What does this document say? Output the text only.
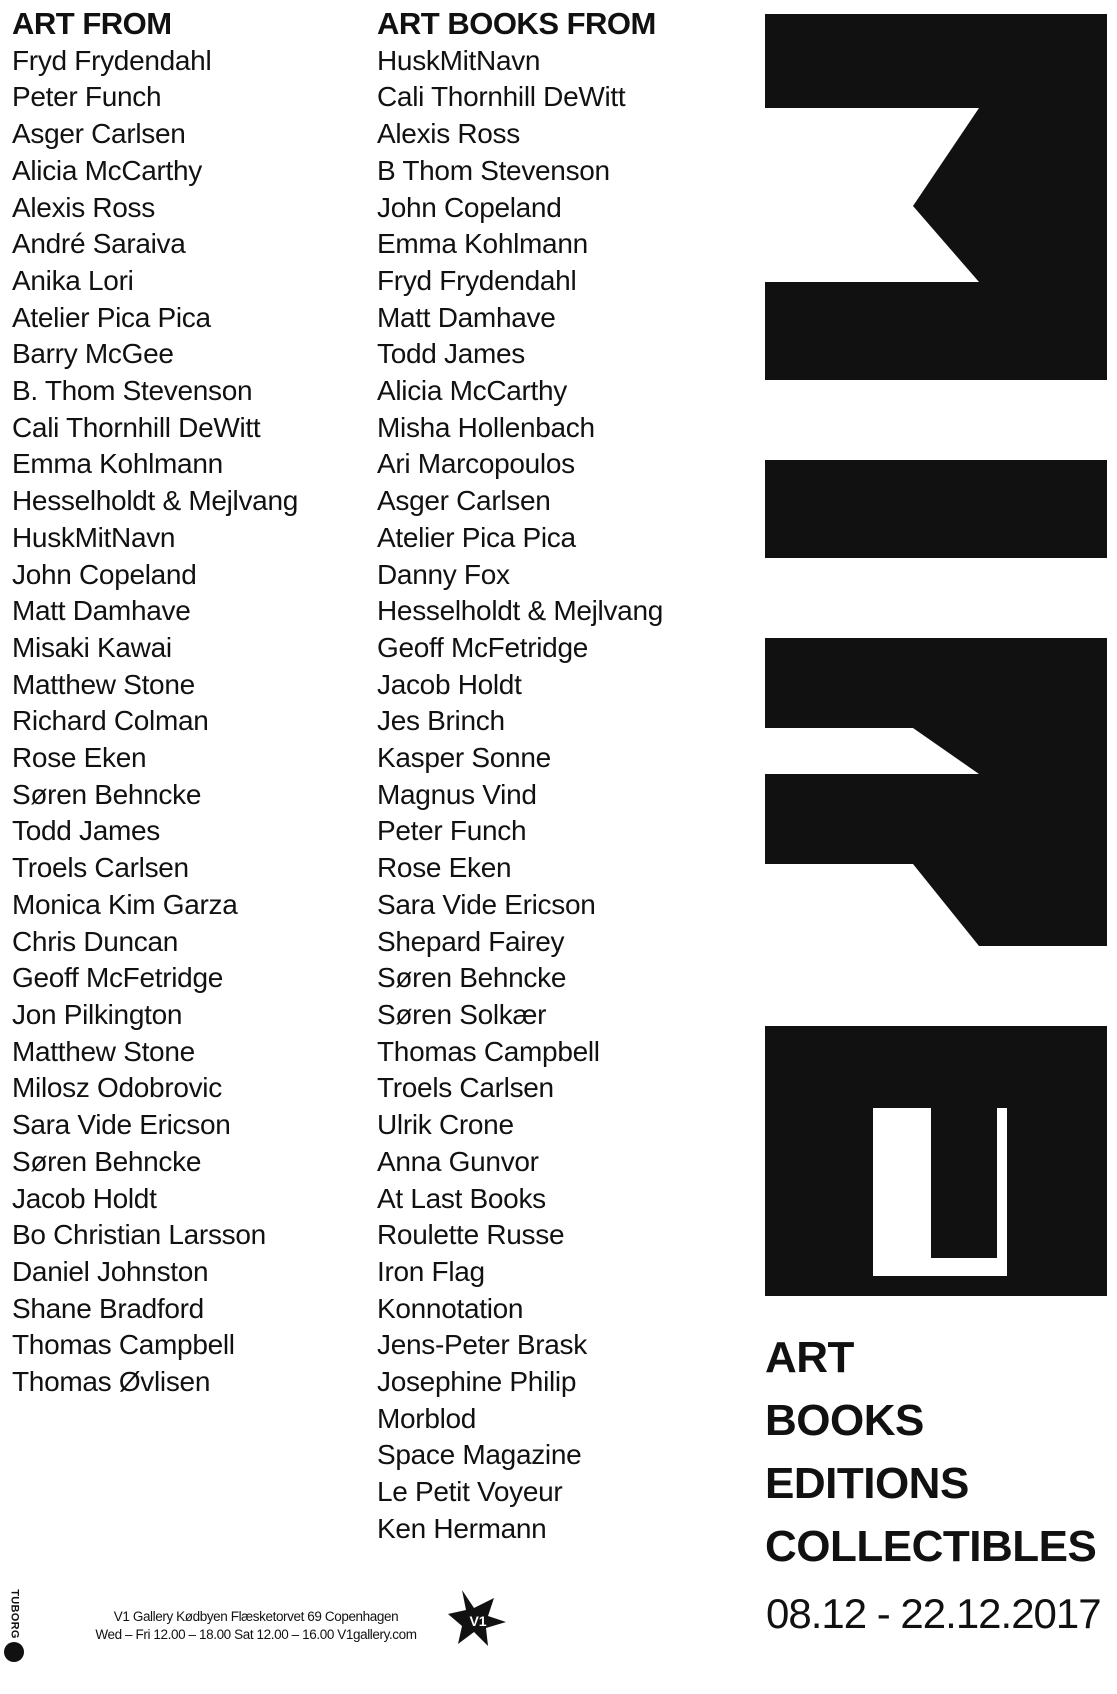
ART FROM
Fryd Frydendahl
Peter Funch
Asger Carlsen
Alicia McCarthy
Alexis Ross
André Saraiva
Anika Lori
Atelier Pica Pica
Barry McGee
B. Thom Stevenson
Cali Thornhill DeWitt
Emma Kohlmann
Hesselholdt & Mejlvang
HuskMitNavn
John Copeland
Matt Damhave
Misaki Kawai
Matthew Stone
Richard Colman
Rose Eken
Søren Behncke
Todd James
Troels Carlsen
Monica Kim Garza
Chris Duncan
Geoff McFetridge
Jon Pilkington
Matthew Stone
Milosz Odobrovic
Sara Vide Ericson
Søren Behncke
Jacob Holdt
Bo Christian Larsson
Daniel Johnston
Shane Bradford
Thomas Campbell
Thomas Øvlisen
ART BOOKS FROM
HuskMitNavn
Cali Thornhill DeWitt
Alexis Ross
B Thom Stevenson
John Copeland
Emma Kohlmann
Fryd Frydendahl
Matt Damhave
Todd James
Alicia McCarthy
Misha Hollenbach
Ari Marcopoulos
Asger Carlsen
Atelier Pica Pica
Danny Fox
Hesselholdt & Mejlvang
Geoff McFetridge
Jacob Holdt
Jes Brinch
Kasper Sonne
Magnus Vind
Peter Funch
Rose Eken
Sara Vide Ericson
Shepard Fairey
Søren Behncke
Søren Solkær
Thomas Campbell
Troels Carlsen
Ulrik Crone
Anna Gunvor
At Last Books
Roulette Russe
Iron Flag
Konnotation
Jens-Peter Brask
Josephine Philip
Morblod
Space Magazine
Le Petit Voyeur
Ken Hermann
ART
BOOKS
EDITIONS
COLLECTIBLES
08.12 - 22.12.2017
TUBORG	V1 Gallery Kødbyen Flæsketorvet 69 Copenhagen
Wed – Fri 12.00 – 18.00 Sat 12.00 – 16.00 V1gallery.com
V1
